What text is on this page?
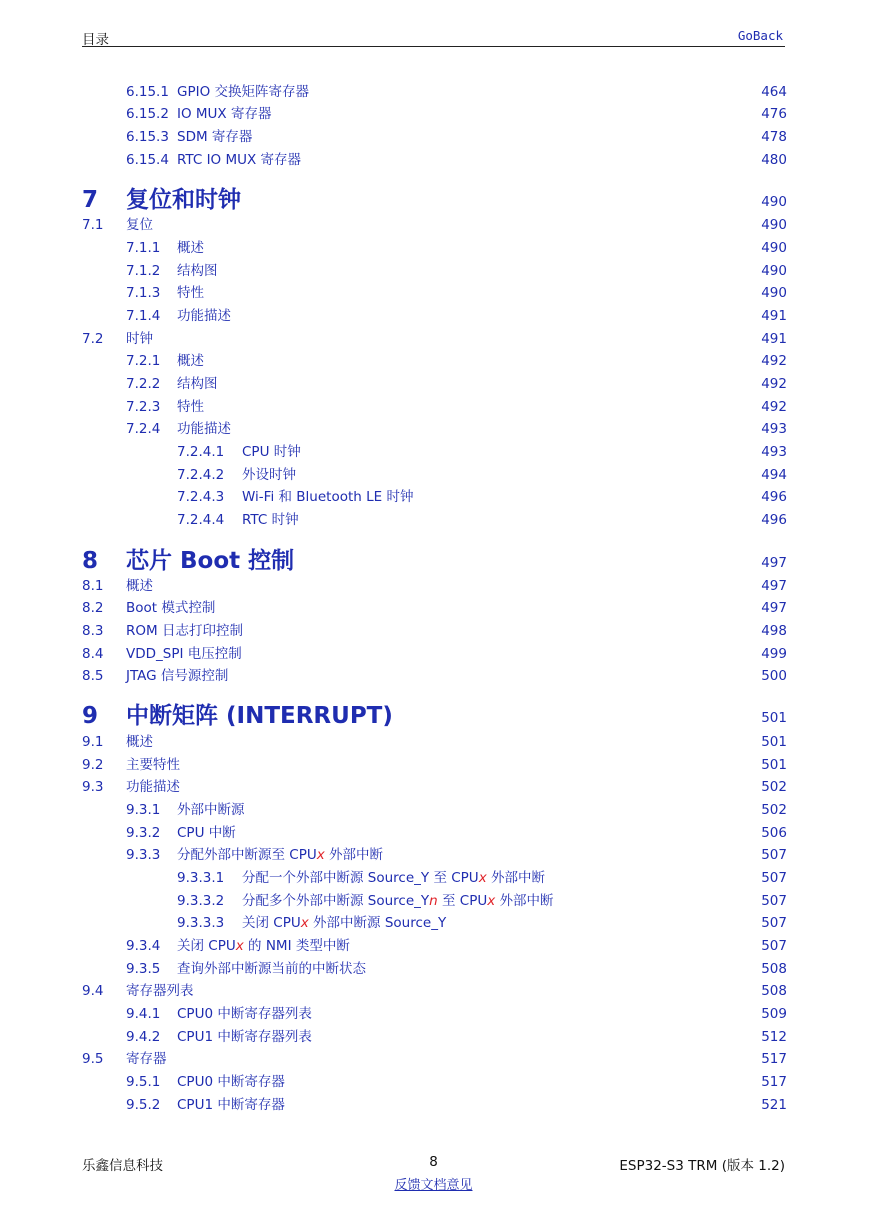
目录	GoBack
6.15.1 GPIO 交换矩阵寄存器	464
6.15.2 IO MUX 寄存器	476
6.15.3 SDM 寄存器	478
6.15.4 RTC IO MUX 寄存器	480
7 复位和时钟	490
7.1 复位	490
7.1.1 概述	490
7.1.2 结构图	490
7.1.3 特性	490
7.1.4 功能描述	491
7.2 时钟	491
7.2.1 概述	492
7.2.2 结构图	492
7.2.3 特性	492
7.2.4 功能描述	493
7.2.4.1 CPU 时钟	493
7.2.4.2 外设时钟	494
7.2.4.3 Wi-Fi 和 Bluetooth LE 时钟	496
7.2.4.4 RTC 时钟	496
8 芯片 Boot 控制	497
8.1 概述	497
8.2 Boot 模式控制	497
8.3 ROM 日志打印控制	498
8.4 VDD_SPI 电压控制	499
8.5 JTAG 信号源控制	500
9 中断矩阵 (INTERRUPT)	501
9.1 概述	501
9.2 主要特性	501
9.3 功能描述	502
9.3.1 外部中断源	502
9.3.2 CPU 中断	506
9.3.3 分配外部中断源至 CPUx 外部中断	507
9.3.3.1 分配一个外部中断源 Source_Y 至 CPUx 外部中断	507
9.3.3.2 分配多个外部中断源 Source_Yn 至 CPUx 外部中断	507
9.3.3.3 关闭 CPUx 外部中断源 Source_Y	507
9.3.4 关闭 CPUx 的 NMI 类型中断	507
9.3.5 查询外部中断源当前的中断状态	508
9.4 寄存器列表	508
9.4.1 CPU0 中断寄存器列表	509
9.4.2 CPU1 中断寄存器列表	512
9.5 寄存器	517
9.5.1 CPU0 中断寄存器	517
9.5.2 CPU1 中断寄存器	521
乐鑫信息科技	8	ESP32-S3 TRM (版本 1.2)
反馈文档意见
